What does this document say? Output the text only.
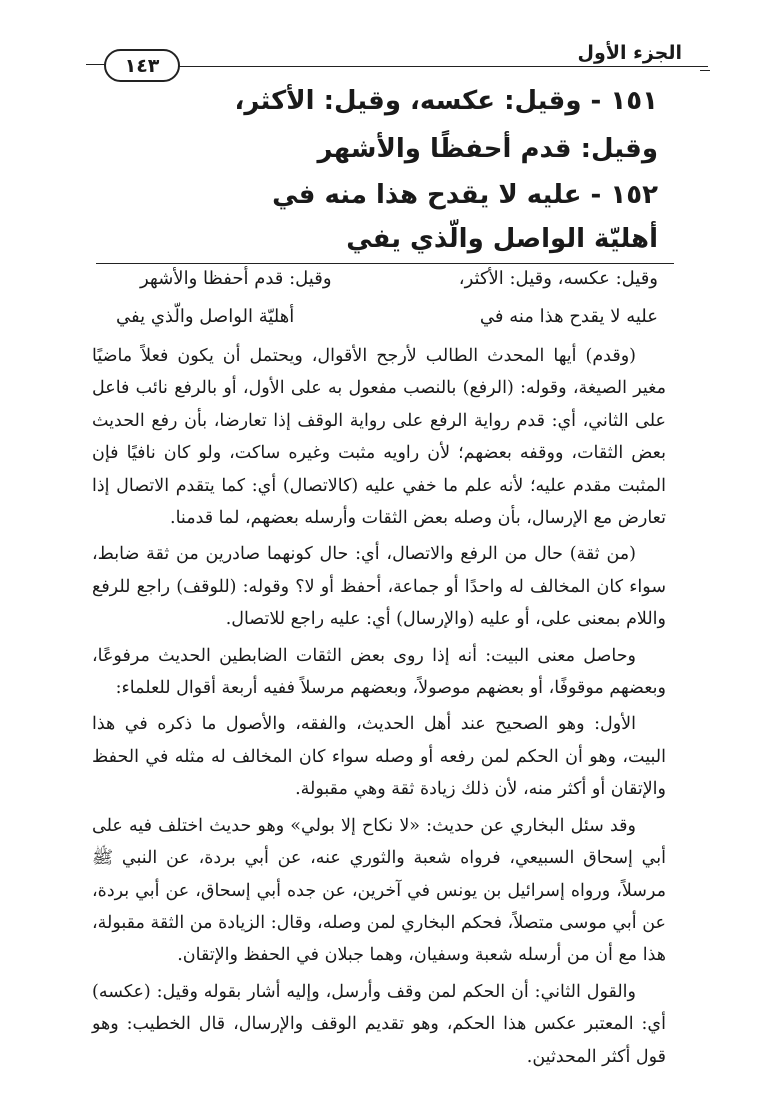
١٤٣
الجزء الأول
١٥١ - وقيل: عكسه، وقيل: الأكثر،
وقيل: قدم أحفظًا والأشهر
١٥٢ - عليه لا يقدح هذا منه في
أهليّة الواصل والّذي يفي
وقيل: عكسه، وقيل: الأكثر،
وقيل: قدم أحفظا والأشهر
عليه لا يقدح هذا منه في
أهليّة الواصل والّذي يفي

(وقدم) أيها المحدث الطالب لأرجح الأقوال، ويحتمل أن يكون فعلاً ماضيًا مغير الصيغة، وقوله: (الرفع) بالنصب مفعول به على الأول، أو بالرفع نائب فاعل على الثاني، أي: قدم رواية الرفع على رواية الوقف إذا تعارضا، بأن رفع الحديث بعض الثقات، ووقفه بعضهم؛ لأن راويه مثبت وغيره ساكت، ولو كان نافيًا فإن المثبت مقدم عليه؛ لأنه علم ما خفي عليه (كالاتصال) أي: كما يتقدم الاتصال إذا تعارض مع الإرسال، بأن وصله بعض الثقات وأرسله بعضهم، لما قدمنا.

(من ثقة) حال من الرفع والاتصال، أي: حال كونهما صادرين من ثقة ضابط، سواء كان المخالف له واحدًا أو جماعة، أحفظ أو لا؟ وقوله: (للوقف) راجع للرفع واللام بمعنى على، أو عليه (والإرسال) أي: عليه راجع للاتصال.

وحاصل معنى البيت: أنه إذا روى بعض الثقات الضابطين الحديث مرفوعًا، وبعضهم موقوفًا، أو بعضهم موصولاً، وبعضهم مرسلاً ففيه أربعة أقوال للعلماء:

الأول: وهو الصحيح عند أهل الحديث، والفقه، والأصول ما ذكره في هذا البيت، وهو أن الحكم لمن رفعه أو وصله سواء كان المخالف له مثله في الحفظ والإتقان أو أكثر منه، لأن ذلك زيادة ثقة وهي مقبولة.

وقد سئل البخاري عن حديث: «لا نكاح إلا بولي» وهو حديث اختلف فيه على أبي إسحاق السبيعي، فرواه شعبة والثوري عنه، عن أبي بردة، عن النبي ﷺ مرسلاً، ورواه إسرائيل بن يونس في آخرين، عن جده أبي إسحاق، عن أبي بردة، عن أبي موسى متصلاً، فحكم البخاري لمن وصله، وقال: الزيادة من الثقة مقبولة، هذا مع أن من أرسله شعبة وسفيان، وهما جبلان في الحفظ والإتقان.

والقول الثاني: أن الحكم لمن وقف وأرسل، وإليه أشار بقوله وقيل: (عكسه) أي: المعتبر عكس هذا الحكم، وهو تقديم الوقف والإرسال، قال الخطيب: وهو قول أكثر المحدثين.
